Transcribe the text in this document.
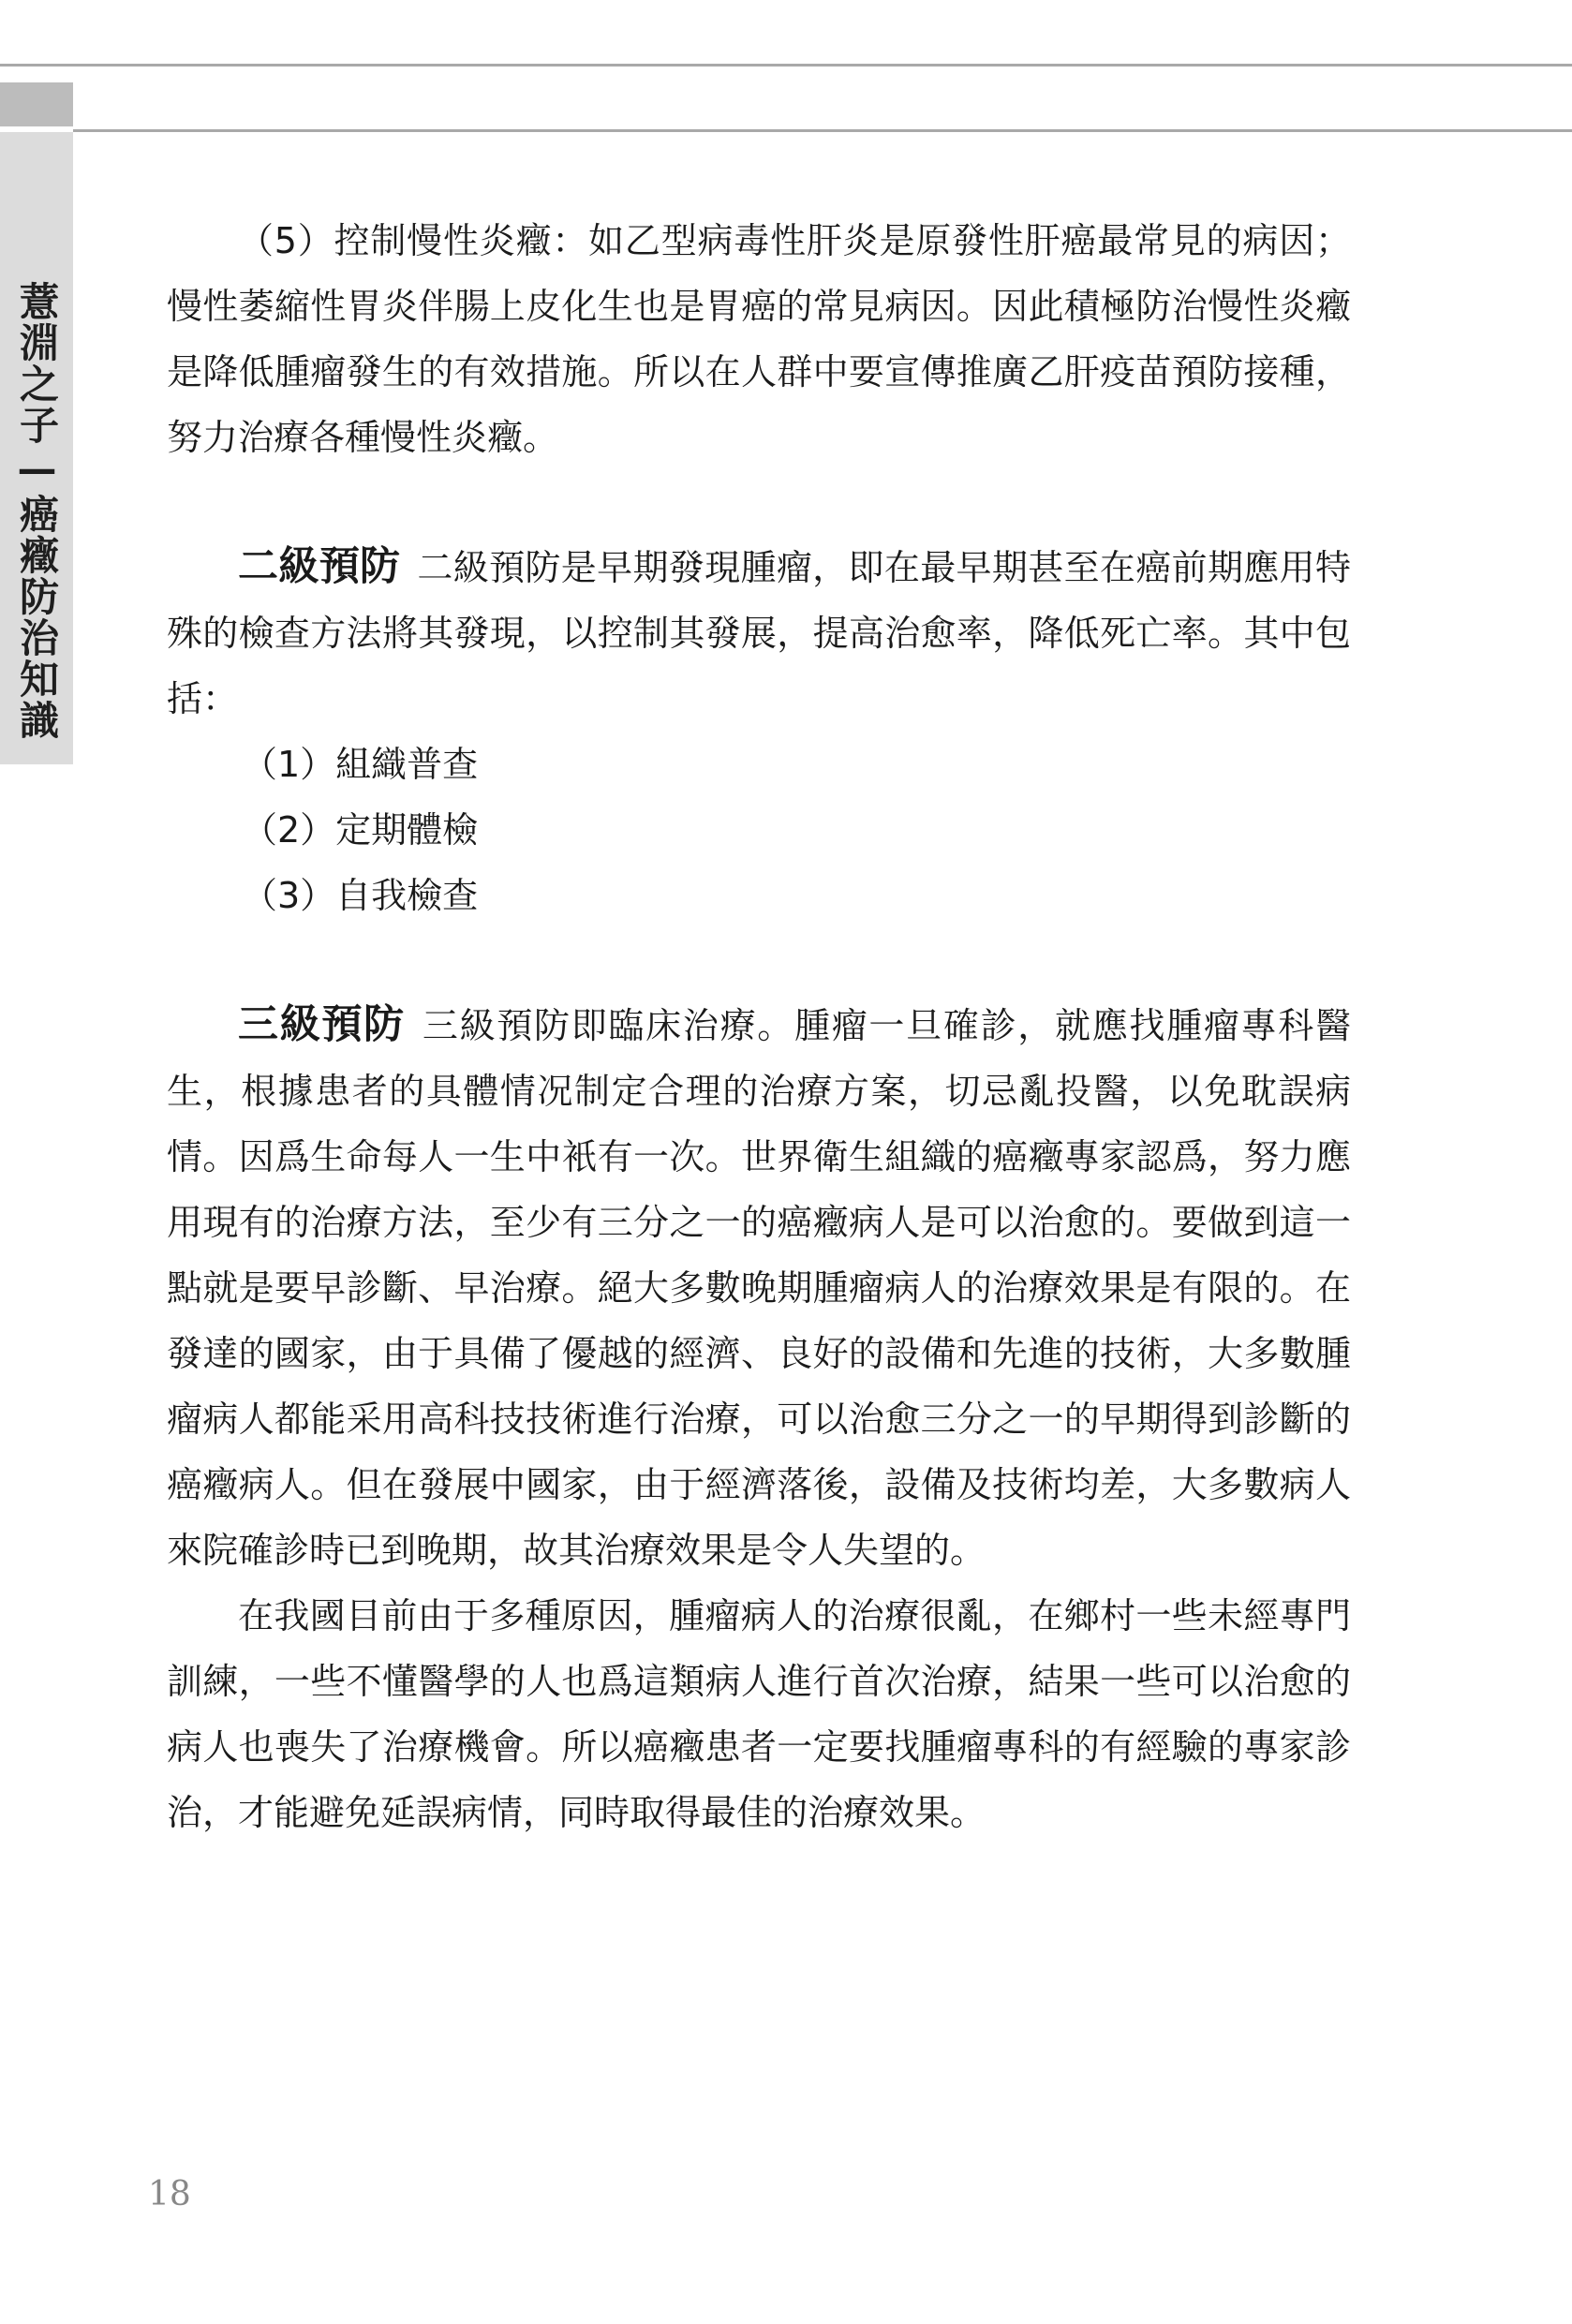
薏淵之子—癌癥防治知識

（5）控制慢性炎癥：如乙型病毒性肝炎是原發性肝癌最常見的病因；慢性萎縮性胃炎伴腸上皮化生也是胃癌的常見病因。因此積極防治慢性炎癥是降低腫瘤發生的有效措施。所以在人群中要宣傳推廣乙肝疫苗預防接種，努力治療各種慢性炎癥。

二級預防 二級預防是早期發現腫瘤，即在最早期甚至在癌前期應用特殊的檢查方法將其發現，以控制其發展，提高治愈率，降低死亡率。其中包括：

（1）組織普查

（2）定期體檢

（3）自我檢查

三級預防 三級預防即臨床治療。腫瘤一旦確診，就應找腫瘤專科醫生，根據患者的具體情况制定合理的治療方案，切忌亂投醫，以免耽誤病情。因爲生命每人一生中衹有一次。世界衛生組織的癌癥專家認爲，努力應用現有的治療方法，至少有三分之一的癌癥病人是可以治愈的。要做到這一點就是要早診斷、早治療。絕大多數晚期腫瘤病人的治療效果是有限的。在發達的國家，由于具備了優越的經濟、良好的設備和先進的技術，大多數腫瘤病人都能采用高科技技術進行治療，可以治愈三分之一的早期得到診斷的癌癥病人。但在發展中國家，由于經濟落後，設備及技術均差，大多數病人來院確診時已到晚期，故其治療效果是令人失望的。

在我國目前由于多種原因，腫瘤病人的治療很亂，在鄉村一些未經專門訓練，一些不懂醫學的人也爲這類病人進行首次治療，結果一些可以治愈的病人也喪失了治療機會。所以癌癥患者一定要找腫瘤專科的有經驗的專家診治，才能避免延誤病情，同時取得最佳的治療效果。

18
